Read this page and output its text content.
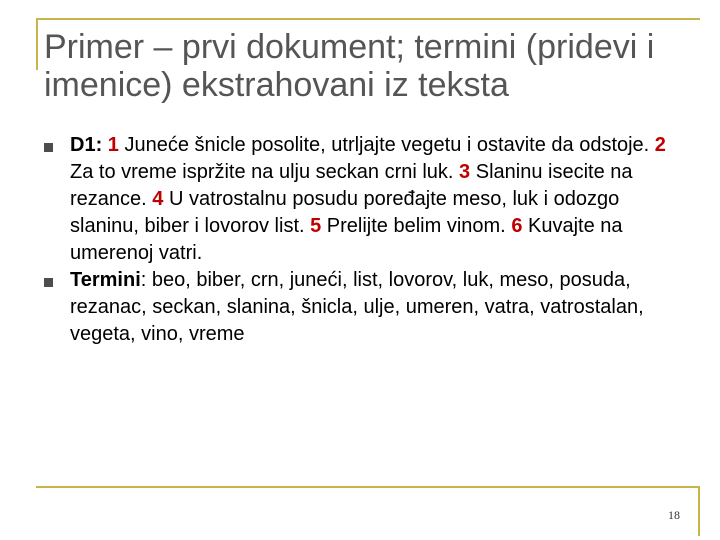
Primer – prvi dokument; termini (pridevi i imenice) ekstrahovani iz teksta
D1: 1 Juneće šnicle posolite, utrljajte vegetu i ostavite da odstoje. 2 Za to vreme ispržite na ulju seckan crni luk. 3 Slaninu isecite na rezance. 4 U vatrostalnu posudu poređajte meso, luk i odozgo slaninu, biber i lovorov list. 5 Prelijte belim vinom. 6 Kuvajte na umerenoj vatri.
Termini: beo, biber, crn, juneći, list, lovorov, luk, meso, posuda, rezanac, seckan, slanina, šnicla, ulje, umeren, vatra, vatrostalan, vegeta, vino, vreme
18
